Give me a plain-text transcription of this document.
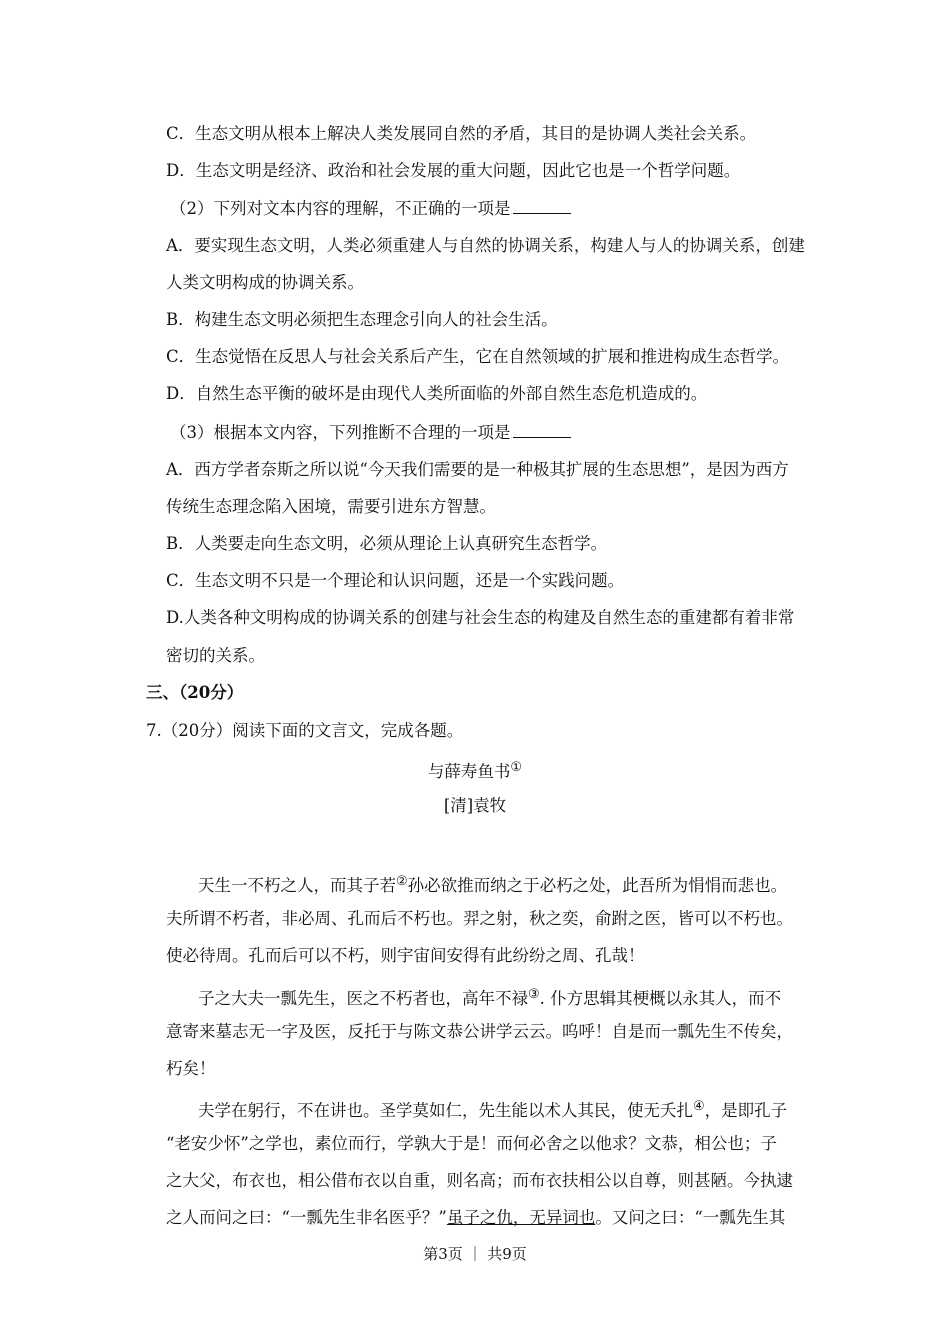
C．生态文明从根本上解决人类发展同自然的矛盾，其目的是协调人类社会关系。
D．生态文明是经济、政治和社会发展的重大问题，因此它也是一个哲学问题。
（2）下列对文本内容的理解，不正确的一项是
A．要实现生态文明，人类必须重建人与自然的协调关系，构建人与人的协调关系，创建
人类文明构成的协调关系。
B．构建生态文明必须把生态理念引向人的社会生活。
C．生态觉悟在反思人与社会关系后产生，它在自然领域的扩展和推进构成生态哲学。
D．自然生态平衡的破坏是由现代人类所面临的外部自然生态危机造成的。
（3）根据本文内容，下列推断不合理的一项是
A．西方学者奈斯之所以说“今天我们需要的是一种极其扩展的生态思想”，是因为西方
传统生态理念陷入困境，需要引进东方智慧。
B．人类要走向生态文明，必须从理论上认真研究生态哲学。
C．生态文明不只是一个理论和认识问题，还是一个实践问题。
D.人类各种文明构成的协调关系的创建与社会生态的构建及自然生态的重建都有着非常
密切的关系。
三、（20分）
7.（20分）阅读下面的文言文，完成各题。
与薛寿鱼书①
[清]袁牧
天生一不朽之人，而其子若②孙必欲推而纳之于必朽之处，此吾所为悁悁而悲也。
夫所谓不朽者，非必周、孔而后不朽也。羿之射，秋之奕，俞跗之医，皆可以不朽也。
使必待周。孔而后可以不朽，则宇宙间安得有此纷纷之周、孔哉！
子之大夫一瓢先生，医之不朽者也，高年不禄③. 仆方思辑其梗概以永其人，而不
意寄来墓志无一字及医，反托于与陈文恭公讲学云云。呜呼！自是而一瓢先生不传矣，
朽矣！
夫学在躬行，不在讲也。圣学莫如仁，先生能以术人其民，使无夭扎④，是即孔子
“老安少怀”之学也，素位而行，学孰大于是！而何必舍之以他求？文恭，相公也；子
之大父，布衣也，相公借布衣以自重，则名高；而布衣扶相公以自尊，则甚陋。今执逮
之人而问之曰：“一瓢先生非名医乎？”虽子之仇，无异词也。又问之曰：“一瓢先生其
第3页 ｜ 共9页
